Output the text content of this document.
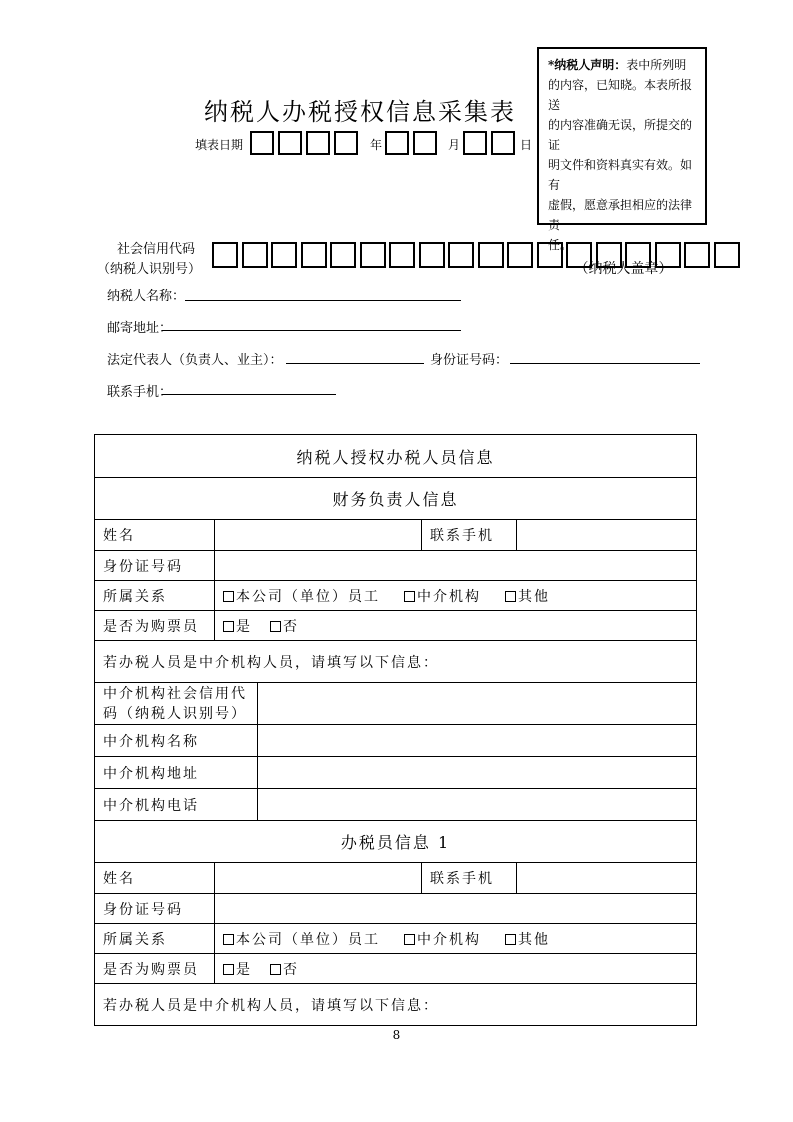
纳税人办税授权信息采集表
填表日期	年	月	日
*纳税人声明：表中所列明
的内容，已知晓。本表所报送
的内容准确无误，所提交的证
明文件和资料真实有效。如有
虚假，愿意承担相应的法律责
任。
（纳税人盖章）
社会信用代码
（纳税人识别号）
纳税人名称：
邮寄地址：
法定代表人（负责人、业主）：	身份证号码：
联系手机：
纳税人授权办税人员信息
财务负责人信息
姓名	联系手机
身份证号码
所属关系	本公司（单位）员工	中介机构	其他
是否为购票员	是	否
若办税人员是中介机构人员，请填写以下信息：
中介机构社会信用代
码（纳税人识别号）
中介机构名称
中介机构地址
中介机构电话
办税员信息 1
姓名	联系手机
身份证号码
所属关系	本公司（单位）员工	中介机构	其他
是否为购票员	是	否
若办税人员是中介机构人员，请填写以下信息：
8
